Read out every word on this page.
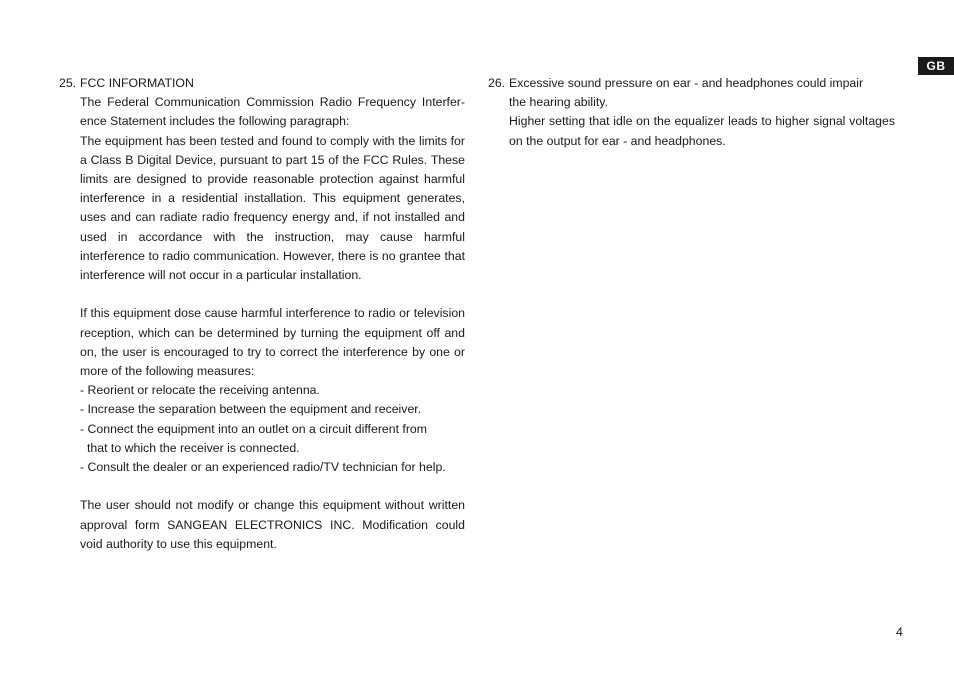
GB
25. FCC INFORMATION
The Federal Communication Commission Radio Frequency Interference Statement includes the following paragraph:
The equipment has been tested and found to comply with the limits for a Class B Digital Device, pursuant to part 15 of the FCC Rules. These limits are designed to provide reasonable protection against harmful interference in a residential installation. This equipment generates, uses and can radiate radio frequency energy and, if not installed and used in accordance with the instruction, may cause harmful interference to radio communication. However, there is no grantee that interference will not occur in a particular installation.
If this equipment dose cause harmful interference to radio or television reception, which can be determined by turning the equipment off and on, the user is encouraged to try to correct the interference by one or more of the following measures:
- Reorient or relocate the receiving antenna.
- Increase the separation between the equipment and receiver.
- Connect the equipment into an outlet on a circuit different from
that to which the receiver is connected.
- Consult the dealer or an experienced radio/TV technician for help.
The user should not modify or change this equipment without written approval form SANGEAN ELECTRONICS INC. Modification could void authority to use this equipment.
26. Excessive sound pressure on ear - and headphones could impair
the hearing ability.
Higher setting that idle on the equalizer leads to higher signal voltages on the output for ear - and headphones.
4
